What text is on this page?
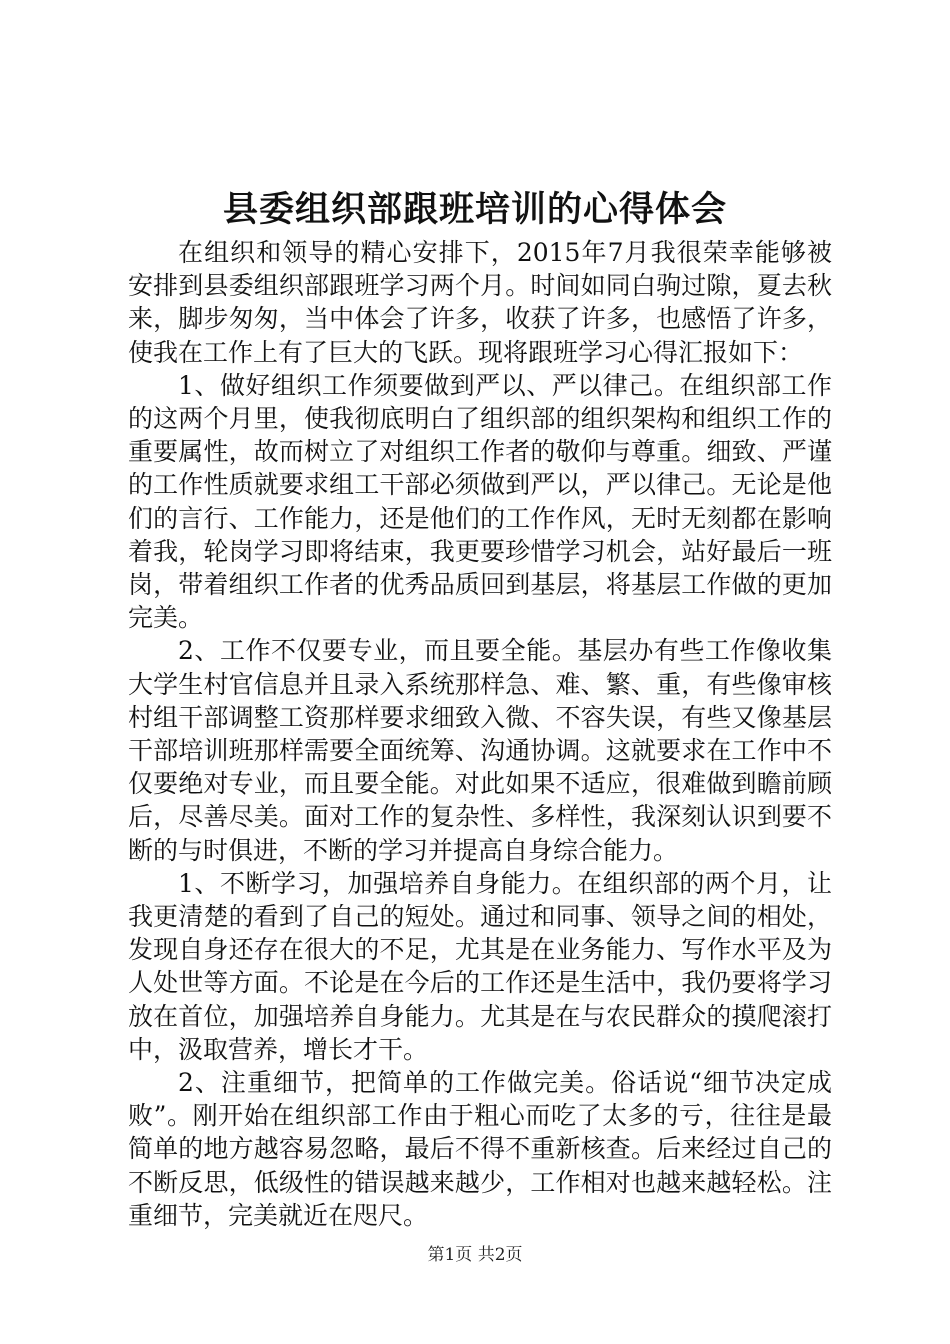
县委组织部跟班培训的心得体会

在组织和领导的精心安排下，2015年7月我很荣幸能够被安排到县委组织部跟班学习两个月。时间如同白驹过隙，夏去秋来，脚步匆匆，当中体会了许多，收获了许多，也感悟了许多，使我在工作上有了巨大的飞跃。现将跟班学习心得汇报如下：

1、做好组织工作须要做到严以、严以律己。在组织部工作的这两个月里，使我彻底明白了组织部的组织架构和组织工作的重要属性，故而树立了对组织工作者的敬仰与尊重。细致、严谨的工作性质就要求组工干部必须做到严以，严以律己。无论是他们的言行、工作能力，还是他们的工作作风，无时无刻都在影响着我，轮岗学习即将结束，我更要珍惜学习机会，站好最后一班岗，带着组织工作者的优秀品质回到基层，将基层工作做的更加完美。

2、工作不仅要专业，而且要全能。基层办有些工作像收集大学生村官信息并且录入系统那样急、难、繁、重，有些像审核村组干部调整工资那样要求细致入微、不容失误，有些又像基层干部培训班那样需要全面统筹、沟通协调。这就要求在工作中不仅要绝对专业，而且要全能。对此如果不适应，很难做到瞻前顾后，尽善尽美。面对工作的复杂性、多样性，我深刻认识到要不断的与时俱进，不断的学习并提高自身综合能力。

1、不断学习，加强培养自身能力。在组织部的两个月，让我更清楚的看到了自己的短处。通过和同事、领导之间的相处，发现自身还存在很大的不足，尤其是在业务能力、写作水平及为人处世等方面。不论是在今后的工作还是生活中，我仍要将学习放在首位，加强培养自身能力。尤其是在与农民群众的摸爬滚打中，汲取营养，增长才干。

2、注重细节，把简单的工作做完美。俗话说“细节决定成败”。刚开始在组织部工作由于粗心而吃了太多的亏，往往是最简单的地方越容易忽略，最后不得不重新核查。后来经过自己的不断反思，低级性的错误越来越少，工作相对也越来越轻松。注重细节，完美就近在咫尺。

第1页 共2页
